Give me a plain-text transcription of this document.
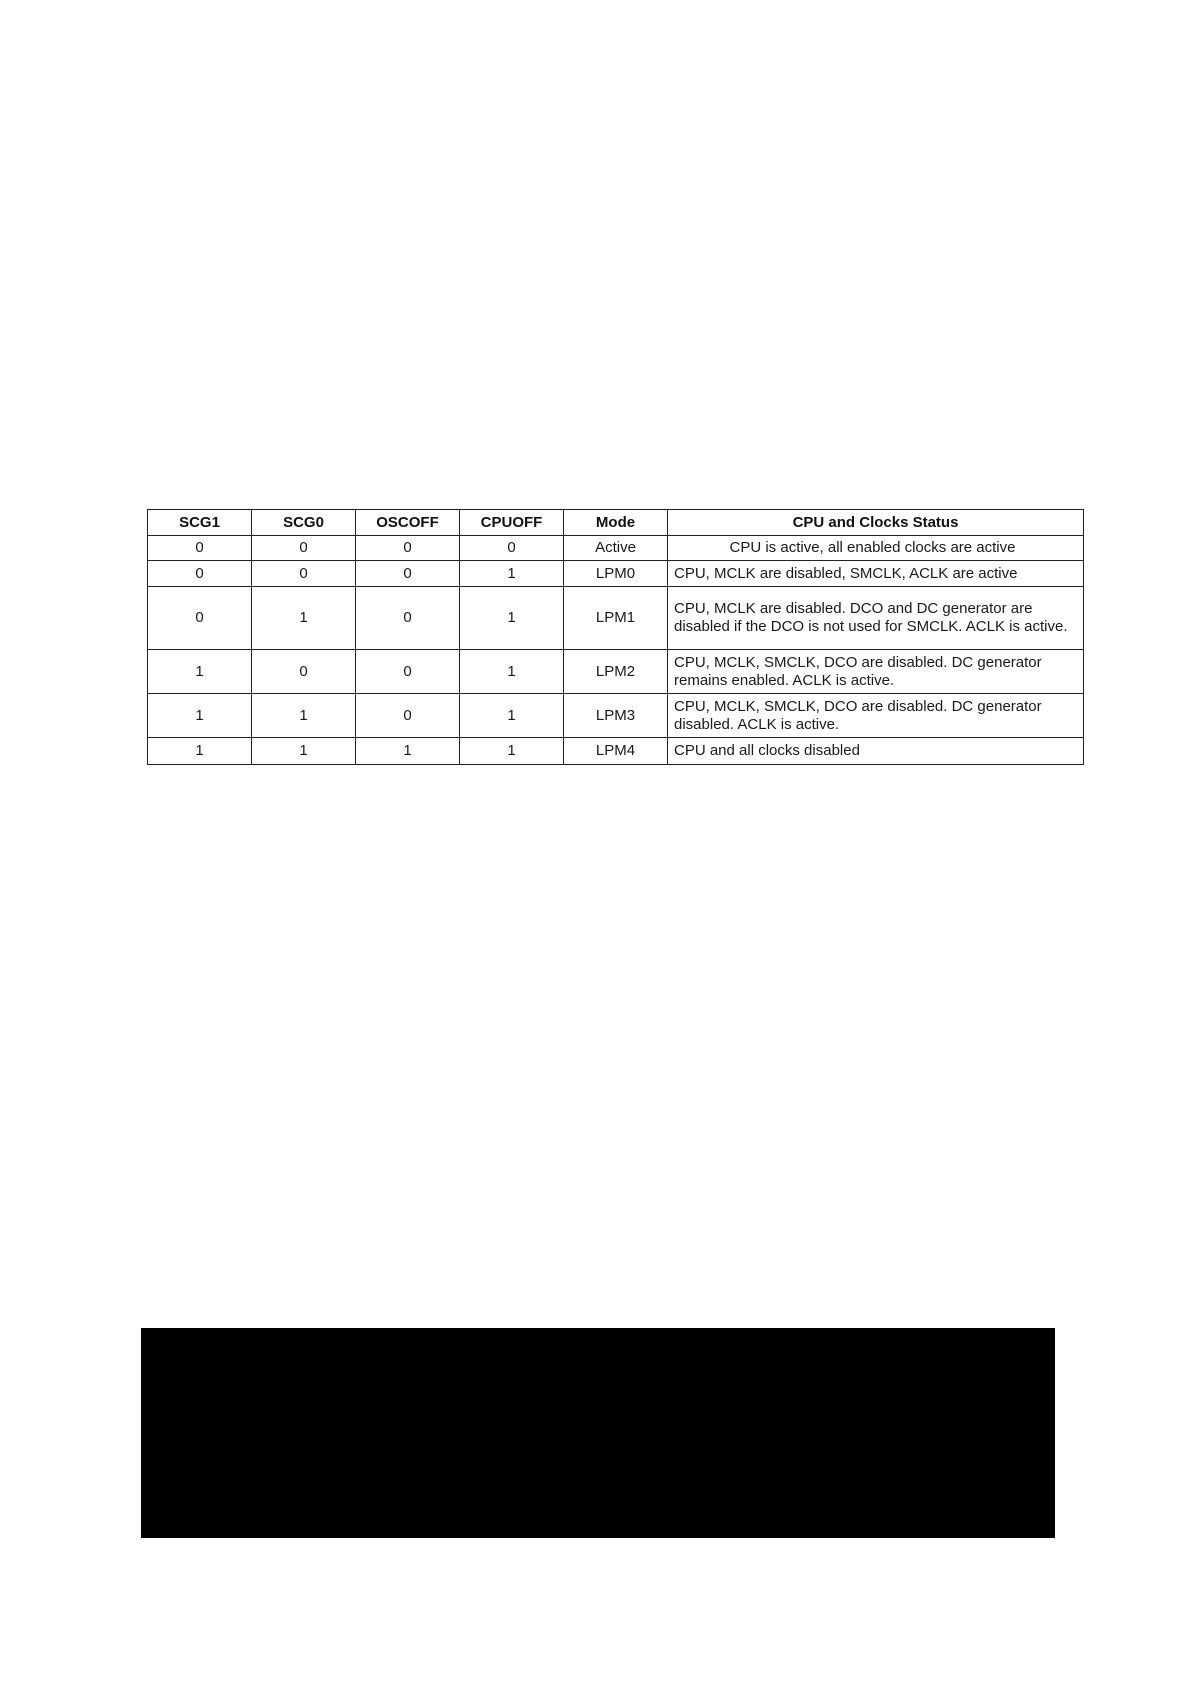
SCG1	SCG0	OSCOFF	CPUOFF	Mode	CPU and Clocks Status
0	0	0	0	Active	CPU is active, all enabled clocks are active
0	0	0	1	LPM0	CPU, MCLK are disabled, SMCLK, ACLK are active
0	1	0	1	LPM1	CPU, MCLK are disabled. DCO and DC generator are disabled if the DCO is not used for SMCLK. ACLK is active.
1	0	0	1	LPM2	CPU, MCLK, SMCLK, DCO are disabled. DC generator remains enabled. ACLK is active.
1	1	0	1	LPM3	CPU, MCLK, SMCLK, DCO are disabled. DC generator disabled. ACLK is active.
1	1	1	1	LPM4	CPU and all clocks disabled
